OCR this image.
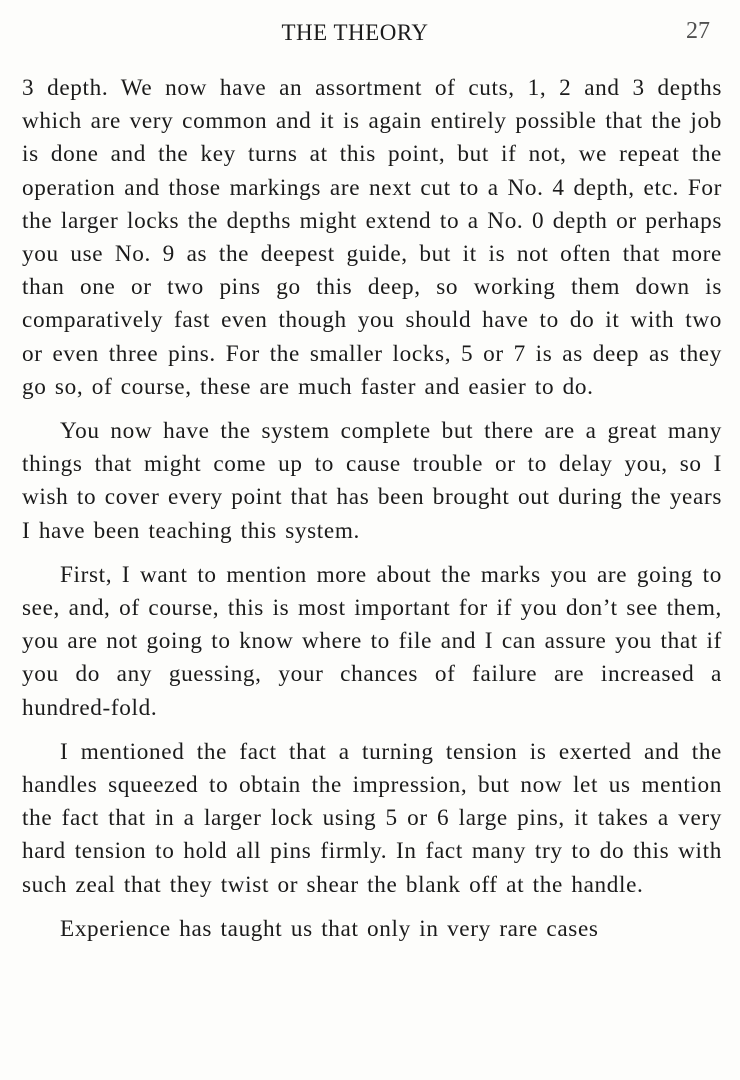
THE THEORY	27

3 depth. We now have an assortment of cuts, 1, 2 and 3 depths which are very common and it is again entirely possible that the job is done and the key turns at this point, but if not, we repeat the operation and those markings are next cut to a No. 4 depth, etc. For the larger locks the depths might extend to a No. 0 depth or perhaps you use No. 9 as the deepest guide, but it is not often that more than one or two pins go this deep, so working them down is comparatively fast even though you should have to do it with two or even three pins. For the smaller locks, 5 or 7 is as deep as they go so, of course, these are much faster and easier to do.

You now have the system complete but there are a great many things that might come up to cause trouble or to delay you, so I wish to cover every point that has been brought out during the years I have been teaching this system.

First, I want to mention more about the marks you are going to see, and, of course, this is most important for if you don’t see them, you are not going to know where to file and I can assure you that if you do any guessing, your chances of failure are increased a hundred-fold.

I mentioned the fact that a turning tension is exerted and the handles squeezed to obtain the impression, but now let us mention the fact that in a larger lock using 5 or 6 large pins, it takes a very hard tension to hold all pins firmly. In fact many try to do this with such zeal that they twist or shear the blank off at the handle.

Experience has taught us that only in very rare cases
